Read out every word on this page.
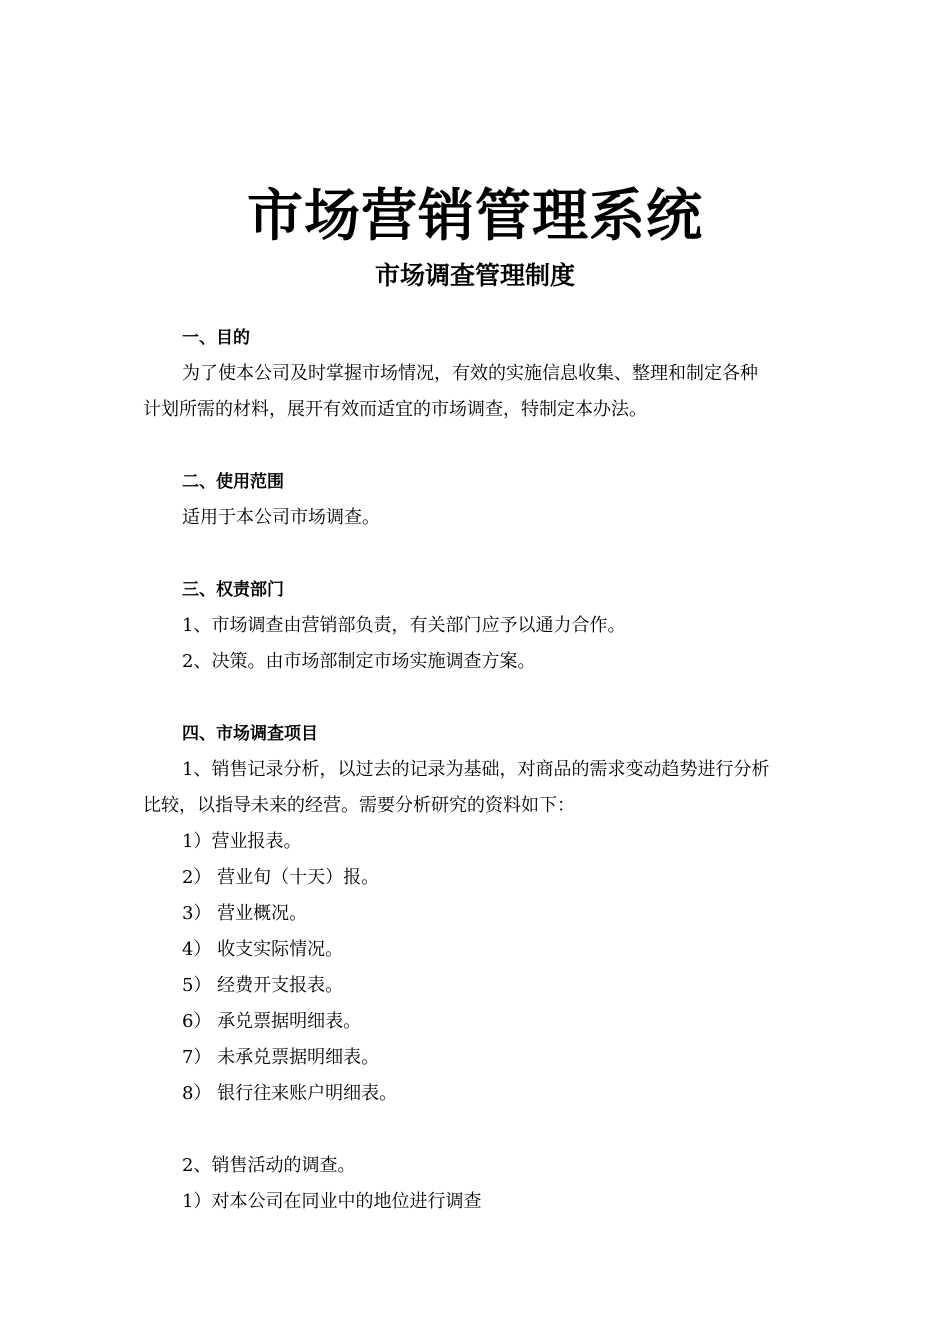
市场营销管理系统
市场调查管理制度
一、目的
为了使本公司及时掌握市场情况，有效的实施信息收集、整理和制定各种
计划所需的材料，展开有效而适宜的市场调查，特制定本办法。
二、使用范围
适用于本公司市场调查。
三、权责部门
1、市场调查由营销部负责，有关部门应予以通力合作。
2、决策。由市场部制定市场实施调查方案。
四、市场调查项目
1、销售记录分析，以过去的记录为基础，对商品的需求变动趋势进行分析
比较，以指导未来的经营。需要分析研究的资料如下：
1）营业报表。
2） 营业旬（十天）报。
3） 营业概况。
4） 收支实际情况。
5） 经费开支报表。
6） 承兑票据明细表。
7） 未承兑票据明细表。
8） 银行往来账户明细表。
2、销售活动的调查。
1）对本公司在同业中的地位进行调查
